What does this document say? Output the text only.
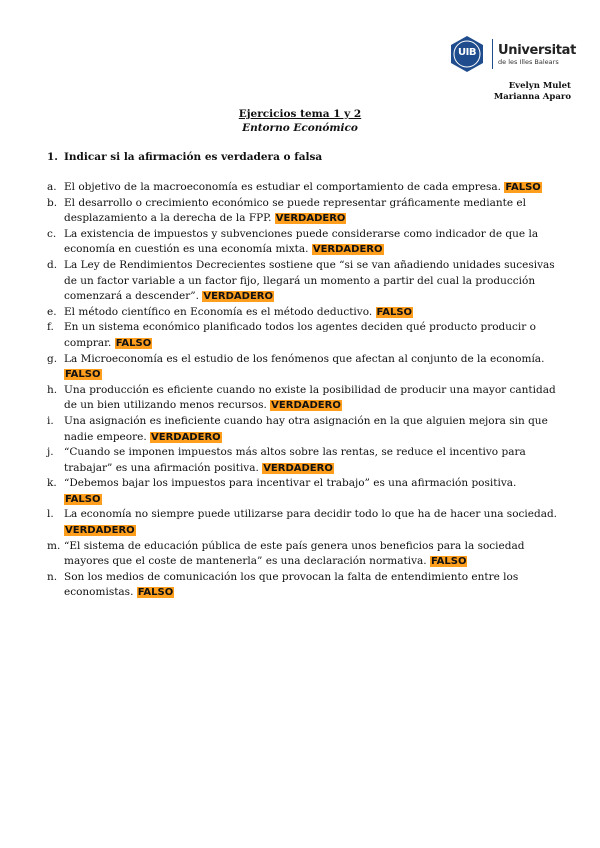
UIB	Universitat
de les Illes Balears
Evelyn Mulet
Marianna Aparo
Ejercicios tema 1 y 2
Entorno Económico
1. Indicar si la afirmación es verdadera o falsa
a. El objetivo de la macroeconomía es estudiar el comportamiento de cada empresa. FALSO
b. El desarrollo o crecimiento económico se puede representar gráficamente mediante el desplazamiento a la derecha de la FPP. VERDADERO
c. La existencia de impuestos y subvenciones puede considerarse como indicador de que la economía en cuestión es una economía mixta. VERDADERO
d. La Ley de Rendimientos Decrecientes sostiene que “si se van añadiendo unidades sucesivas de un factor variable a un factor fijo, llegará un momento a partir del cual la producción comenzará a descender”. VERDADERO
e. El método científico en Economía es el método deductivo. FALSO
f. En un sistema económico planificado todos los agentes deciden qué producto producir o comprar. FALSO
g. La Microeconomía es el estudio de los fenómenos que afectan al conjunto de la economía. FALSO
h. Una producción es eficiente cuando no existe la posibilidad de producir una mayor cantidad de un bien utilizando menos recursos. VERDADERO
i. Una asignación es ineficiente cuando hay otra asignación en la que alguien mejora sin que nadie empeore. VERDADERO
j. “Cuando se imponen impuestos más altos sobre las rentas, se reduce el incentivo para trabajar” es una afirmación positiva. VERDADERO
k. “Debemos bajar los impuestos para incentivar el trabajo” es una afirmación positiva. FALSO
l. La economía no siempre puede utilizarse para decidir todo lo que ha de hacer una sociedad. VERDADERO
m. “El sistema de educación pública de este país genera unos beneficios para la sociedad mayores que el coste de mantenerla” es una declaración normativa. FALSO
n. Son los medios de comunicación los que provocan la falta de entendimiento entre los economistas. FALSO
